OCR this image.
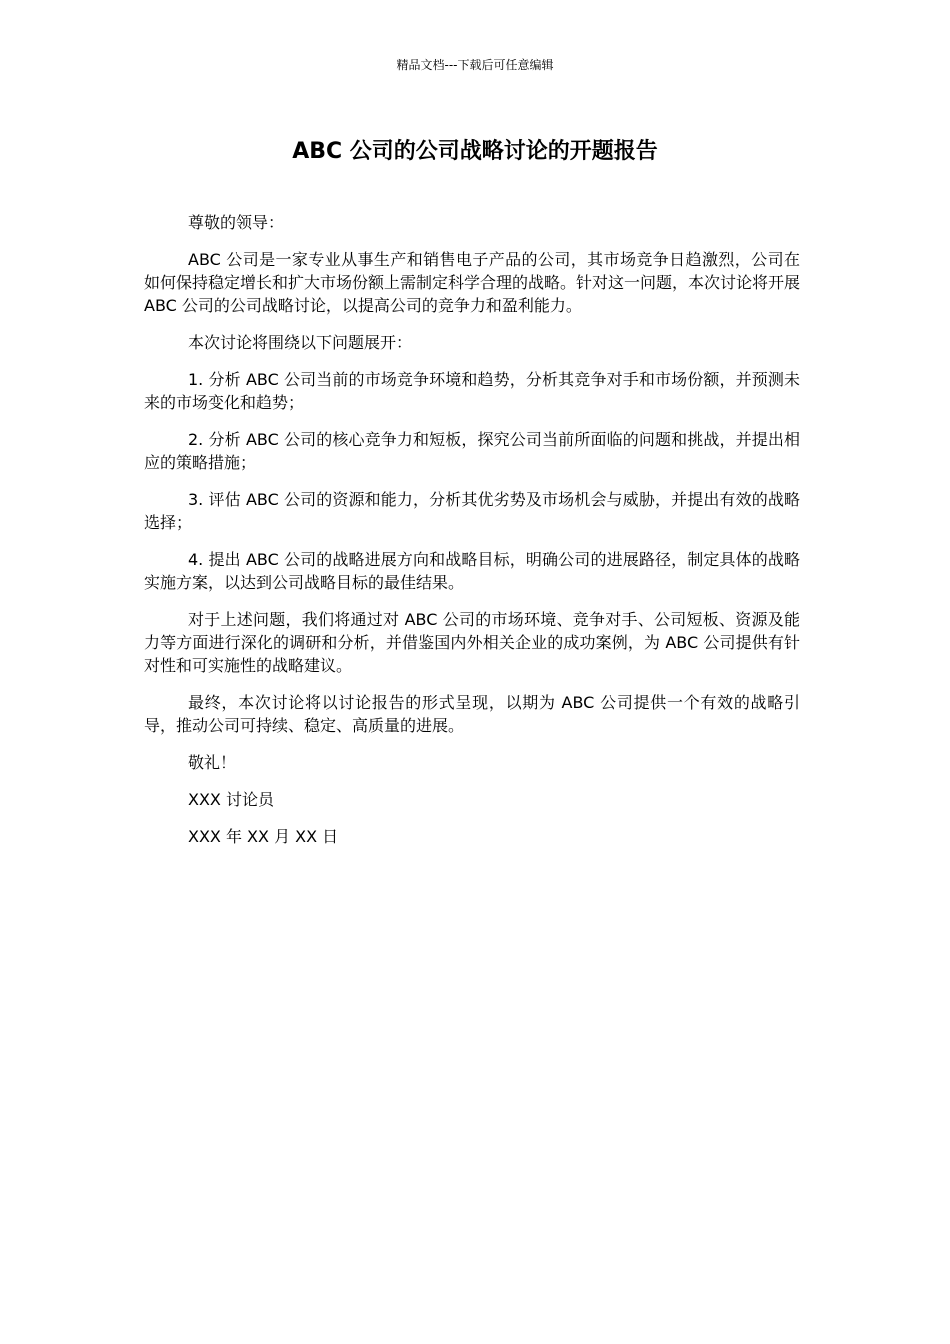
精品文档---下载后可任意编辑
ABC 公司的公司战略讨论的开题报告

尊敬的领导：

ABC 公司是一家专业从事生产和销售电子产品的公司，其市场竞争日趋激烈，公司在如何保持稳定增长和扩大市场份额上需制定科学合理的战略。针对这一问题，本次讨论将开展 ABC 公司的公司战略讨论，以提高公司的竞争力和盈利能力。

本次讨论将围绕以下问题展开：

1. 分析 ABC 公司当前的市场竞争环境和趋势，分析其竞争对手和市场份额，并预测未来的市场变化和趋势；

2. 分析 ABC 公司的核心竞争力和短板，探究公司当前所面临的问题和挑战，并提出相应的策略措施；

3. 评估 ABC 公司的资源和能力，分析其优劣势及市场机会与威胁，并提出有效的战略选择；

4. 提出 ABC 公司的战略进展方向和战略目标，明确公司的进展路径，制定具体的战略实施方案，以达到公司战略目标的最佳结果。

对于上述问题，我们将通过对 ABC 公司的市场环境、竞争对手、公司短板、资源及能力等方面进行深化的调研和分析，并借鉴国内外相关企业的成功案例，为 ABC 公司提供有针对性和可实施性的战略建议。

最终，本次讨论将以讨论报告的形式呈现，以期为 ABC 公司提供一个有效的战略引导，推动公司可持续、稳定、高质量的进展。

敬礼！

XXX 讨论员

XXX 年 XX 月 XX 日
